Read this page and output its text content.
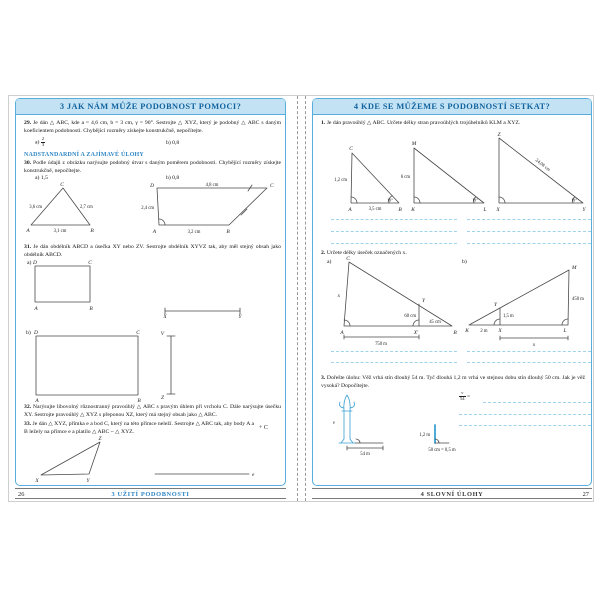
3 JAK NÁM MŮŽE PODOBNOST POMOCI?
29. Je dán △ ABC, kde a = 4,6 cm, b = 3 cm, γ = 90°. Sestrojte △ XYZ, který je podobný △ ABC s daným koeficientem podobnosti. Chybějící rozměry získejte konstrukčně, nepočítejte.
$a) \frac{2}{3}$	b) 0,8
NADSTANDARDNÍ A ZAJÍMAVÉ ÚLOHY
30. Podle údajů z obrázku narýsujte podobný útvar s daným poměrem podobnosti. Chybějící rozměry získejte konstrukčně, nepočítejte.
a) 1,5	b) 0,8
C
A	B
3,6 cm	2,7 cm
3,1 cm
D	C
A	B
4,8 cm
2,4 cm
3,2 cm
31. Je dán obdélník ABCD a úsečka XY nebo ZV. Sestrojte obdélník XYVZ tak, aby měl stejný obsah jako obdélník ABCD.
a) D	C
A	B
X	Y
b) D	C
A	B
V
Z
32. Narýsujte libovolný různostranný pravoúhlý △ ABC s pravým úhlem při vrcholu C. Dále narýsujte úsečku XY. Sestrojte pravoúhlý △ XYZ s přeponou XZ, který má stejný obsah jako △ ABC.
33. Je dán △ XYZ, přímka e a bod C, který na této přímce neleží. Sestrojte △ ABC tak, aby body A a B ležely na přímce e a platilo △ ABC ~ △ XYZ.
+ C
X	Y
Z
e
26	3 UŽITÍ PODOBNOSTI
4 KDE SE MŮŽEME S PODOBNOSTÍ SETKAT?
1. Je dán pravoúhlý △ ABC. Určete délky stran pravoúhlých trojúhelníků KLM a XYZ.
C
A	B
1,2 cm
3,5 cm
19°
M
K	L
6 cm
19°
Z
X	Y
24,08 cm
19°
2. Určete délky úseček označených x.
a)	b)
C
A	B
X'
Y
x
60 cm
45 cm
750 m
K	X	L
M
Y
1,5 m
2 m
450 m
x
3. Dořešte úlohu: Věž vrhá stín dlouhý 54 m. Tyč dlouhá 1,2 m vrhá ve stejnou dobu stín dlouhý 50 cm. Jak je věž vysoká? Dopočítejte.
54 m
v
1,2 m
50 cm = 0,5 m
$\frac{v}{54}$ =
4 SLOVNÍ ÚLOHY	27
